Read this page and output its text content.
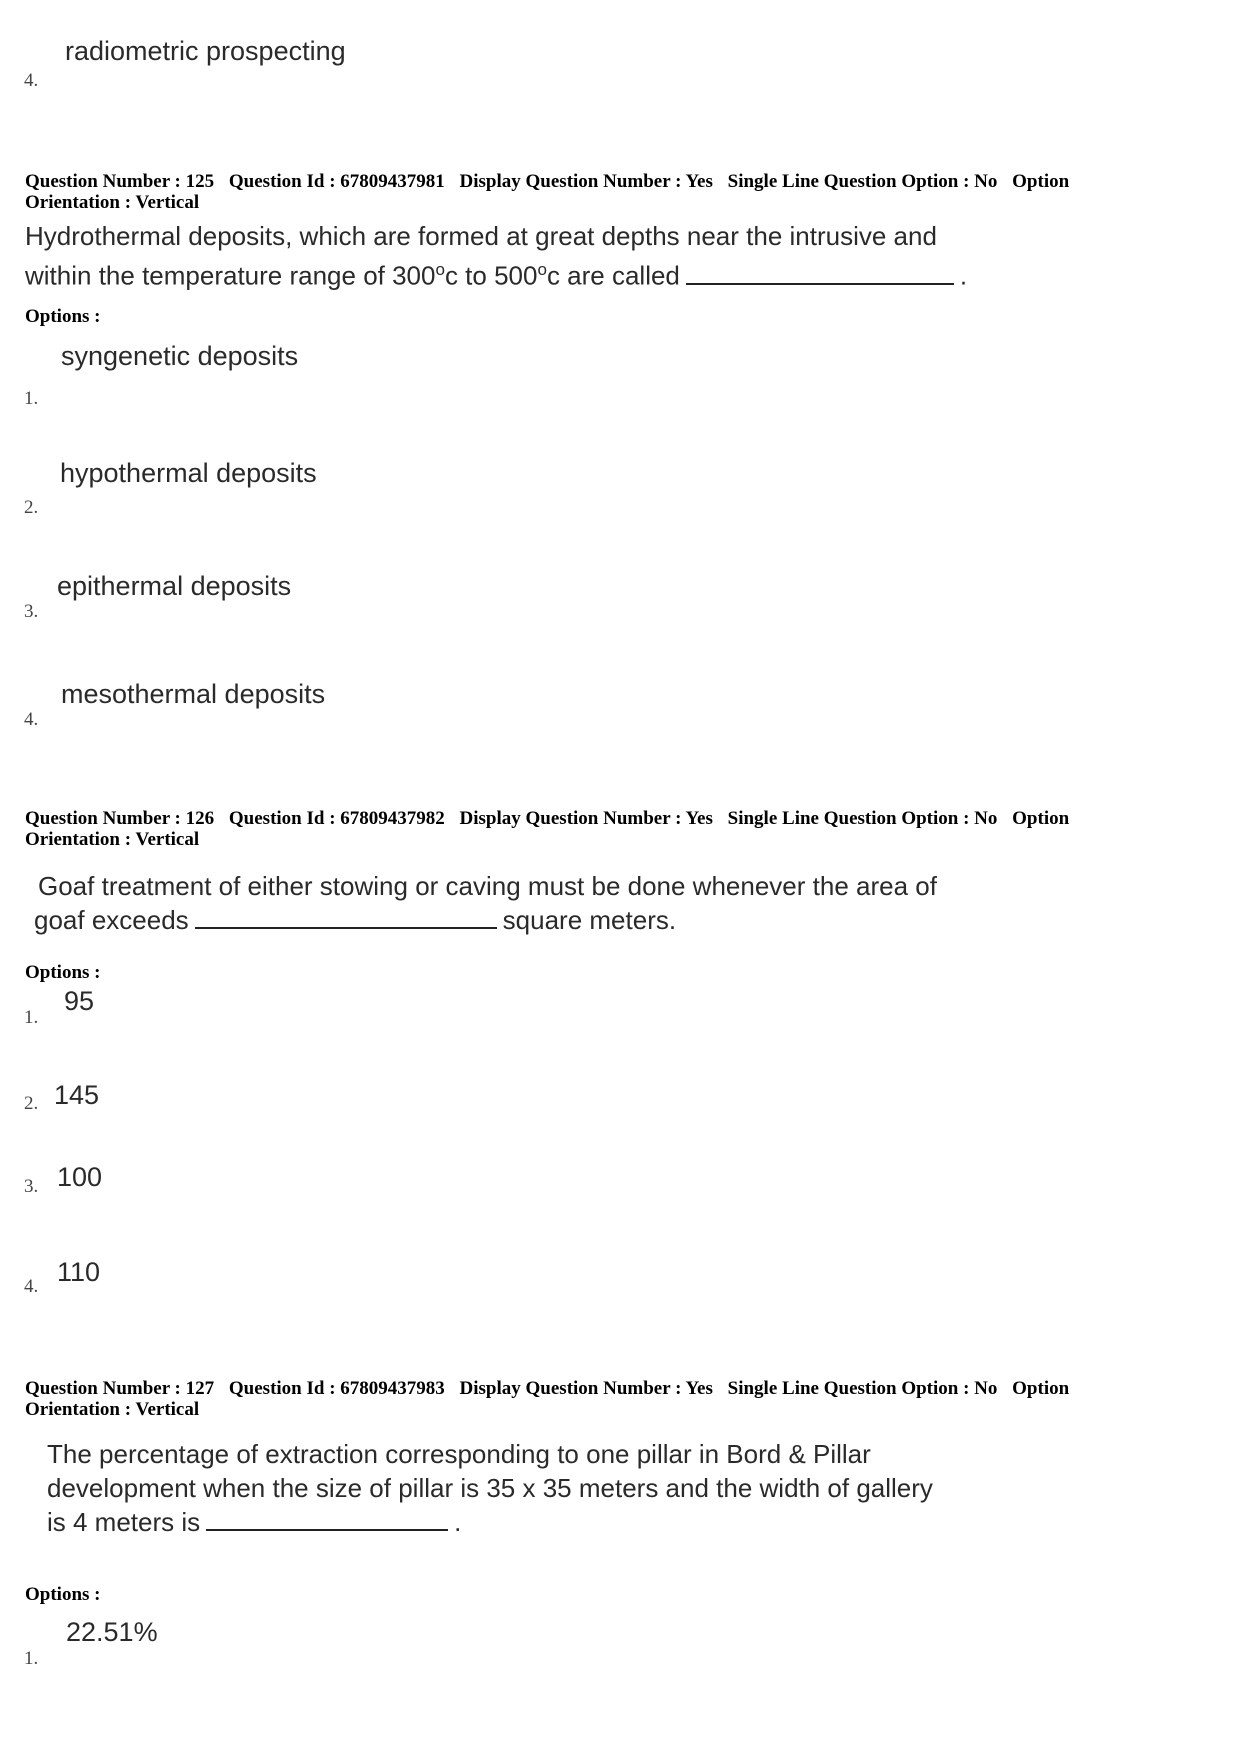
radiometric prospecting
4.
Question Number : 125 Question Id : 67809437981 Display Question Number : Yes Single Line Question Option : No Option Orientation : Vertical
Hydrothermal deposits, which are formed at great depths near the intrusive and
within the temperature range of 300$^o$c to 500$^o$c are called	.
Options :
syngenetic deposits
1.
hypothermal deposits
2.
epithermal deposits
3.
mesothermal deposits
4.
Question Number : 126 Question Id : 67809437982 Display Question Number : Yes Single Line Question Option : No Option Orientation : Vertical
Goaf treatment of either stowing or caving must be done whenever the area of
goaf exceeds	square meters.
Options :
95
1.
145
2.
100
3.
110
4.
Question Number : 127 Question Id : 67809437983 Display Question Number : Yes Single Line Question Option : No Option Orientation : Vertical
The percentage of extraction corresponding to one pillar in Bord & Pillar
development when the size of pillar is 35 x 35 meters and the width of gallery
is 4 meters is	.
Options :
22.51%
1.
